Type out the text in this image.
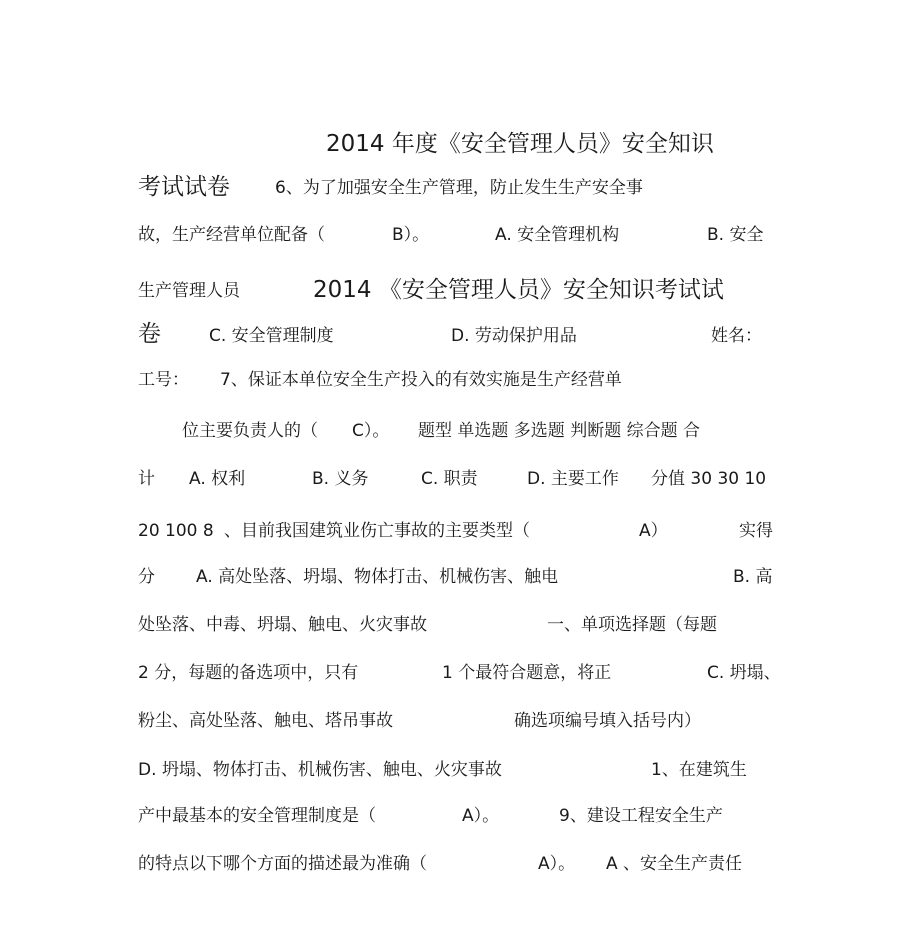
2014 年度《安全管理人员》安全知识
考试试卷	6、为了加强安全生产管理，防止发生生产安全事
故，生产经营单位配备（	B）。	A. 安全管理机构	B. 安全
生产管理人员	2014 《安全管理人员》安全知识考试试
卷	C. 安全管理制度	D. 劳动保护用品	姓名：
工号： 7、保证本单位安全生产投入的有效实施是生产经营单
位主要负责人的（ C）。 题型 单选题 多选题 判断题 综合题 合
计 A. 权利	B. 义务	C. 职责	D. 主要工作 分值 30 30 10
20 100 8 、目前我国建筑业伤亡事故的主要类型（	A）	实得
分 A. 高处坠落、坍塌、物体打击、机械伤害、触电	B. 高
处坠落、中毒、坍塌、触电、火灾事故	一、单项选择题（每题
2 分，每题的备选项中，只有	1 个最符合题意，将正	C. 坍塌、
粉尘、高处坠落、触电、塔吊事故	确选项编号填入括号内）
D. 坍塌、物体打击、机械伤害、触电、火灾事故	1、在建筑生
产中最基本的安全管理制度是（	A）。	9、建设工程安全生产
的特点以下哪个方面的描述最为准确（	A）。 A 、安全生产责任
